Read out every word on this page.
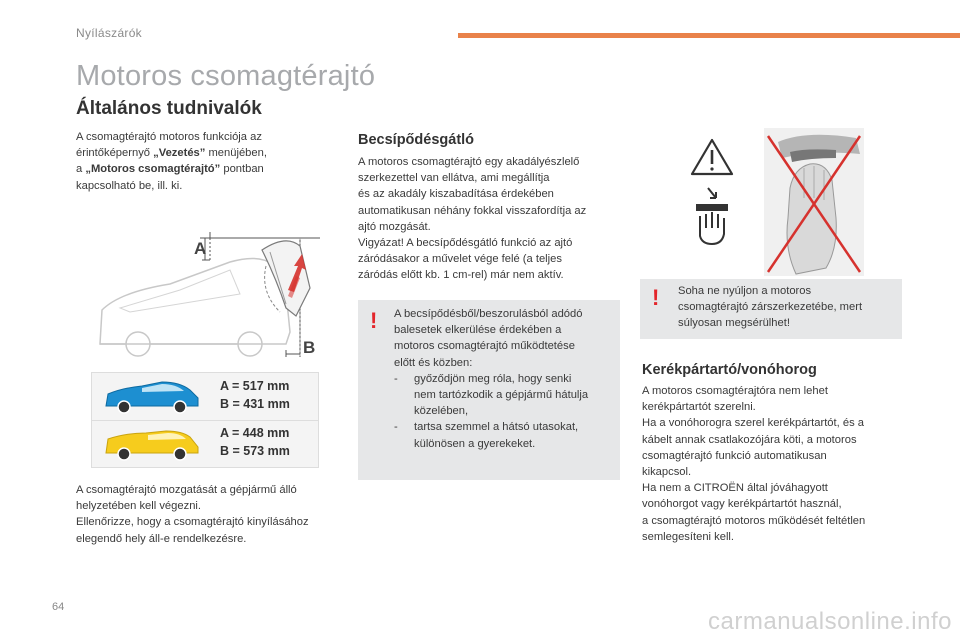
Nyílászárók
Motoros csomagtérajtó
Általános tudnivalók
A csomagtérajtó motoros funkciója az
érintőképernyő „Vezetés” menüjében,
a „Motoros csomagtérajtó” pontban
kapcsolható be, ill. ki.
A
B
A = 517 mm
B = 431 mm
A = 448 mm
B = 573 mm
A csomagtérajtó mozgatását a gépjármű álló
helyzetében kell végezni.
Ellenőrizze, hogy a csomagtérajtó kinyílásához
elegendő hely áll-e rendelkezésre.
Becsípődésgátló
A motoros csomagtérajtó egy akadályészlelő
szerkezettel van ellátva, ami megállítja
és az akadály kiszabadítása érdekében
automatikusan néhány fokkal visszafordítja az
ajtó mozgását.
Vigyázat! A becsípődésgátló funkció az ajtó
záródásakor a művelet vége felé (a teljes
záródás előtt kb. 1 cm-rel) már nem aktív.
! A becsípődésből/beszorulásból adódó
balesetek elkerülése érdekében a
motoros csomagtérajtó működtetése
előtt és közben:
- győződjön meg róla, hogy senki
nem tartózkodik a gépjármű hátulja
közelében,
- tartsa szemmel a hátsó utasokat,
különösen a gyerekeket.
! Soha ne nyúljon a motoros
csomagtérajtó zárszerkezetébe, mert
súlyosan megsérülhet!
Kerékpártartó/vonóhorog
A motoros csomagtérajtóra nem lehet
kerékpártartót szerelni.
Ha a vonóhorogra szerel kerékpártartót, és a
kábelt annak csatlakozójára köti, a motoros
csomagtérajtó funkció automatikusan
kikapcsol.
Ha nem a CITROËN által jóváhagyott
vonóhorgot vagy kerékpártartót használ,
a csomagtérajtó motoros működését feltétlen
semlegesíteni kell.
64
carmanualsonline.info
